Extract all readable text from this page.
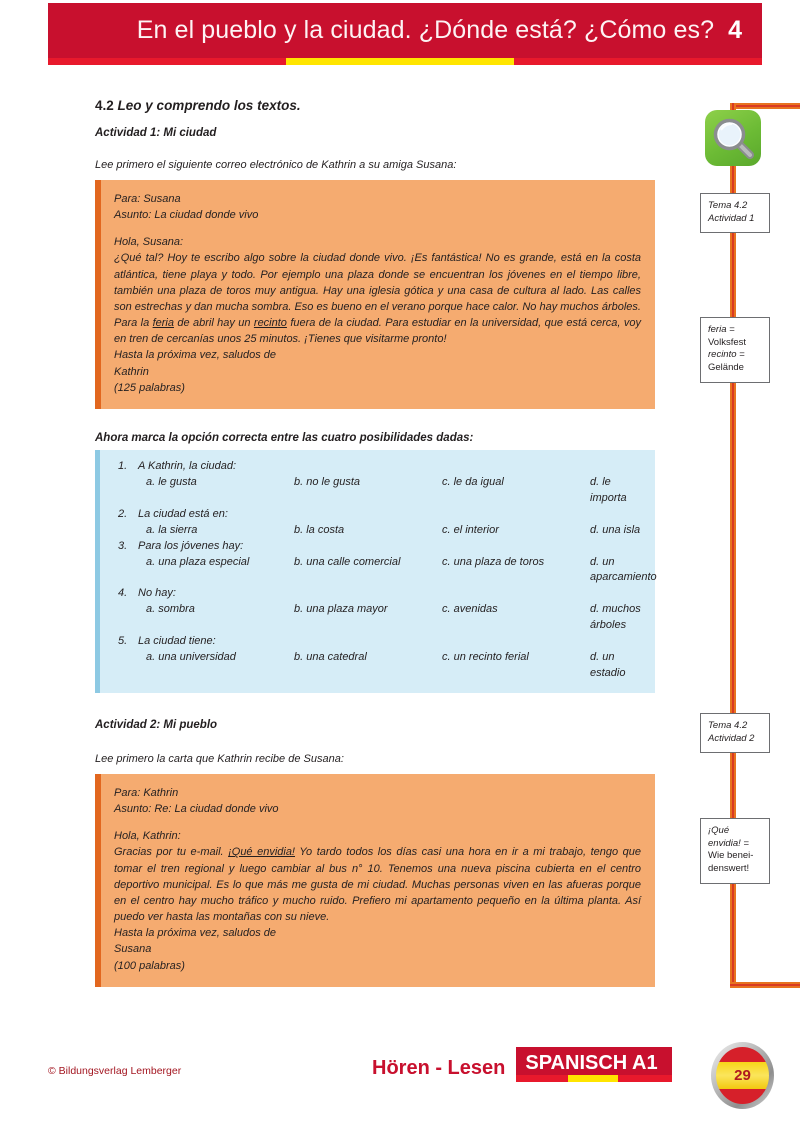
En el pueblo y la ciudad. ¿Dónde está? ¿Cómo es? 4
4.2 Leo y comprendo los textos.
Actividad 1: Mi ciudad
Lee primero el siguiente correo electrónico de Kathrin a su amiga Susana:

Para: Susana

Asunto: La ciudad donde vivo

Hola, Susana:

¿Qué tal? Hoy te escribo algo sobre la ciudad donde vivo. ¡Es fantástica! No es grande, está en la costa atlántica, tiene playa y todo. Por ejemplo una plaza donde se encuentran los jóvenes en el tiempo libre, también una plaza de toros muy antigua. Hay una iglesia gótica y una casa de cultura al lado. Las calles son estrechas y dan mucha sombra. Eso es bueno en el verano porque hace calor. No hay muchos árboles. Para la feria de abril hay un recinto fuera de la ciudad. Para estudiar en la universidad, que está cerca, voy en tren de cercanías unos 25 minutos. ¡Tienes que visitarme pronto!

Hasta la próxima vez, saludos de

Kathrin

(125 palabras)

Ahora marca la opción correcta entre las cuatro posibilidades dadas:
1. A Kathrin, la ciudad:
a. le gusta	b. no le gusta	c. le da igual	d. le importa
2. La ciudad está en:
a. la sierra	b. la costa	c. el interior	d. una isla
3. Para los jóvenes hay:
a. una plaza especial	b. una calle comercial	c. una plaza de toros	d. un aparcamiento
4. No hay:
a. sombra	b. una plaza mayor	c. avenidas	d. muchos árboles
5. La ciudad tiene:
a. una universidad	b. una catedral	c. un recinto ferial	d. un estadio
Actividad 2: Mi pueblo
Lee primero la carta que Kathrin recibe de Susana:

Para: Kathrin

Asunto: Re: La ciudad donde vivo

Hola, Kathrin:

Gracias por tu e-mail. ¡Qué envidia! Yo tardo todos los días casi una hora en ir a mi trabajo, tengo que tomar el tren regional y luego cambiar al bus n° 10. Tenemos una nueva piscina cubierta en el centro deportivo municipal. Es lo que más me gusta de mi ciudad. Muchas personas viven en las afueras porque en el centro hay mucho tráfico y mucho ruido. Prefiero mi apartamento pequeño en la última planta. Así puedo ver hasta las montañas con su nieve.

Hasta la próxima vez, saludos de

Susana

(100 palabras)

Tema 4.2
Actividad 1
feria =
Volksfest
recinto =
Gelände
Tema 4.2
Actividad 2
¡Qué
envidia! =
Wie benei-
denswert!
© Bildungsverlag Lemberger	Hören - Lesen	SPANISCH A1
29
